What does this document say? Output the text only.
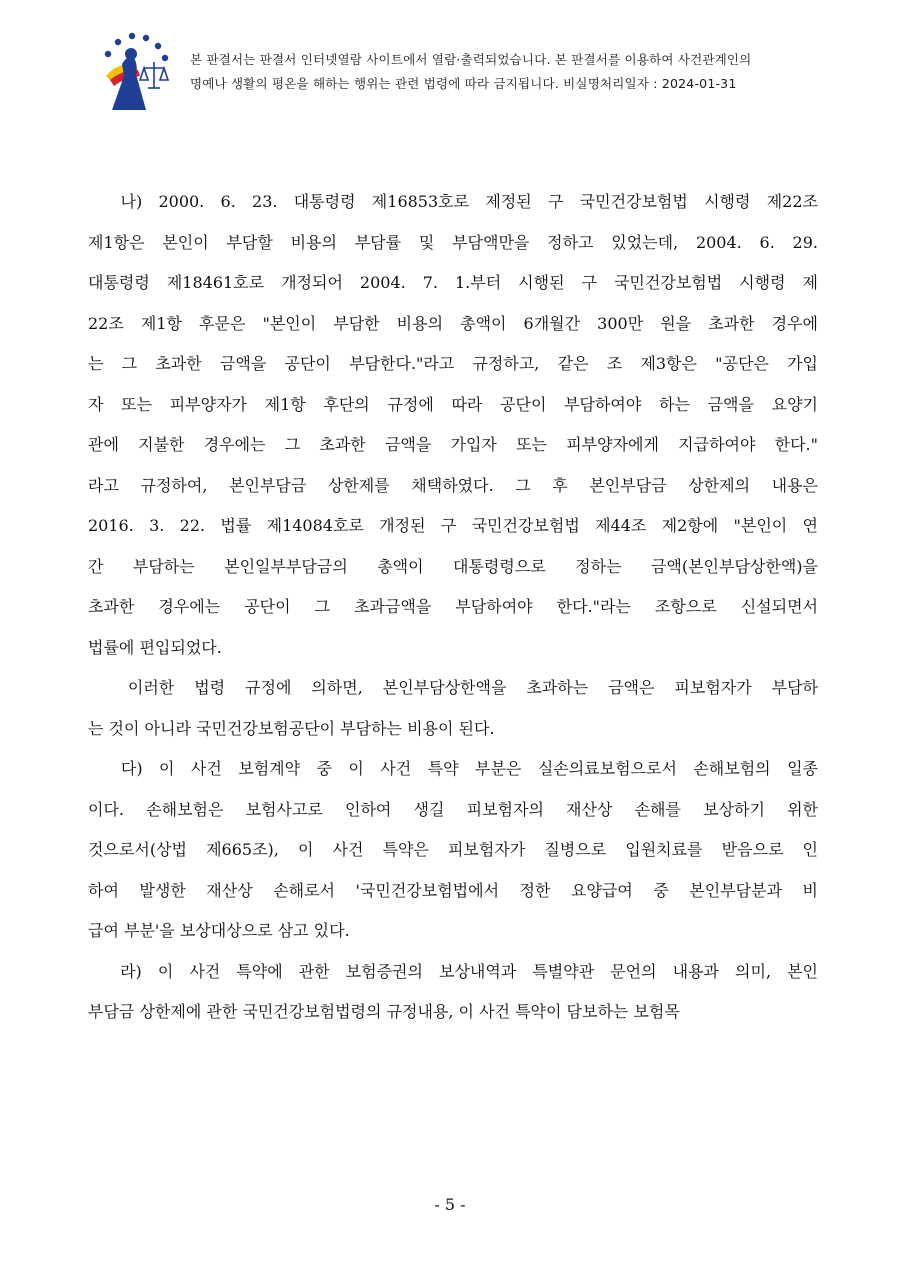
본 판결서는 판결서 인터넷열람 사이트에서 열람·출력되었습니다. 본 판결서를 이용하여 사건관계인의
명예나 생활의 평온을 해하는 행위는 관련 법령에 따라 금지됩니다. 비실명처리일자 : 2024-01-31
나) 2000. 6. 23. 대통령령 제16853호로 제정된 구 국민건강보험법 시행령 제22조
제1항은 본인이 부담할 비용의 부담률 및 부담액만을 정하고 있었는데, 2004. 6. 29.
대통령령 제18461호로 개정되어 2004. 7. 1.부터 시행된 구 국민건강보험법 시행령 제
22조 제1항 후문은 "본인이 부담한 비용의 총액이 6개월간 300만 원을 초과한 경우에
는 그 초과한 금액을 공단이 부담한다."라고 규정하고, 같은 조 제3항은 "공단은 가입
자 또는 피부양자가 제1항 후단의 규정에 따라 공단이 부담하여야 하는 금액을 요양기
관에 지불한 경우에는 그 초과한 금액을 가입자 또는 피부양자에게 지급하여야 한다."
라고 규정하여, 본인부담금 상한제를 채택하였다. 그 후 본인부담금 상한제의 내용은
2016. 3. 22. 법률 제14084호로 개정된 구 국민건강보험법 제44조 제2항에 "본인이 연
간 부담하는 본인일부부담금의 총액이 대통령령으로 정하는 금액(본인부담상한액)을
초과한 경우에는 공단이 그 초과금액을 부담하여야 한다."라는 조항으로 신설되면서
법률에 편입되었다.
이러한 법령 규정에 의하면, 본인부담상한액을 초과하는 금액은 피보험자가 부담하
는 것이 아니라 국민건강보험공단이 부담하는 비용이 된다.
다) 이 사건 보험계약 중 이 사건 특약 부분은 실손의료보험으로서 손해보험의 일종
이다. 손해보험은 보험사고로 인하여 생길 피보험자의 재산상 손해를 보상하기 위한
것으로서(상법 제665조), 이 사건 특약은 피보험자가 질병으로 입원치료를 받음으로 인
하여 발생한 재산상 손해로서 '국민건강보험법에서 정한 요양급여 중 본인부담분과 비
급여 부분'을 보상대상으로 삼고 있다.
라) 이 사건 특약에 관한 보험증권의 보상내역과 특별약관 문언의 내용과 의미, 본인
부담금 상한제에 관한 국민건강보험법령의 규정내용, 이 사건 특약이 담보하는 보험목
- 5 -
